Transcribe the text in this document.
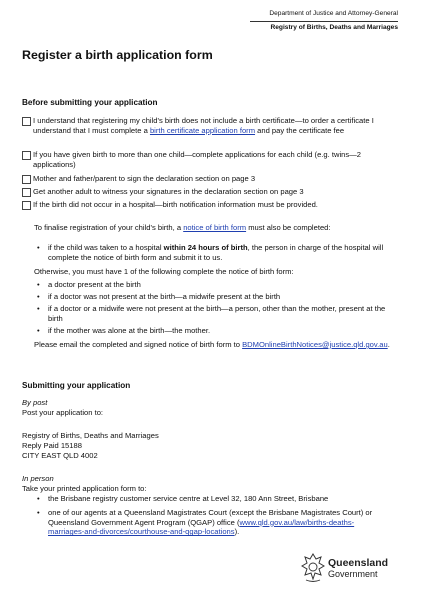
Department of Justice and Attorney-General
Registry of Births, Deaths and Marriages
Register a birth application form
Before submitting your application
I understand that registering my child's birth does not include a birth certificate—to order a certificate I understand that I must complete a birth certificate application form and pay the certificate fee
If you have given birth to more than one child—complete applications for each child (e.g. twins—2 applications)
Mother and father/parent to sign the declaration section on page 3
Get another adult to witness your signatures in the declaration section on page 3
If the birth did not occur in a hospital—birth notification information must be provided.
To finalise registration of your child's birth, a notice of birth form must also be completed:
• if the child was taken to a hospital within 24 hours of birth, the person in charge of the hospital will complete the notice of birth form and submit it to us.
Otherwise, you must have 1 of the following complete the notice of birth form:
• a doctor present at the birth
• if a doctor was not present at the birth—a midwife present at the birth
• if a doctor or a midwife were not present at the birth—a person, other than the mother, present at the birth
• if the mother was alone at the birth—the mother.
Please email the completed and signed notice of birth form to BDMOnlineBirthNotices@justice.qld.gov.au.
Submitting your application
By post
Post your application to:
Registry of Births, Deaths and Marriages
Reply Paid 15188
CITY EAST QLD 4002
In person
Take your printed application form to:
• the Brisbane registry customer service centre at Level 32, 180 Ann Street, Brisbane
• one of our agents at a Queensland Magistrates Court (except the Brisbane Magistrates Court) or Queensland Government Agent Program (QGAP) office (www.qld.gov.au/law/births-deaths-marriages-and-divorces/courthouse-and-qgap-locations).
Queensland
Government
